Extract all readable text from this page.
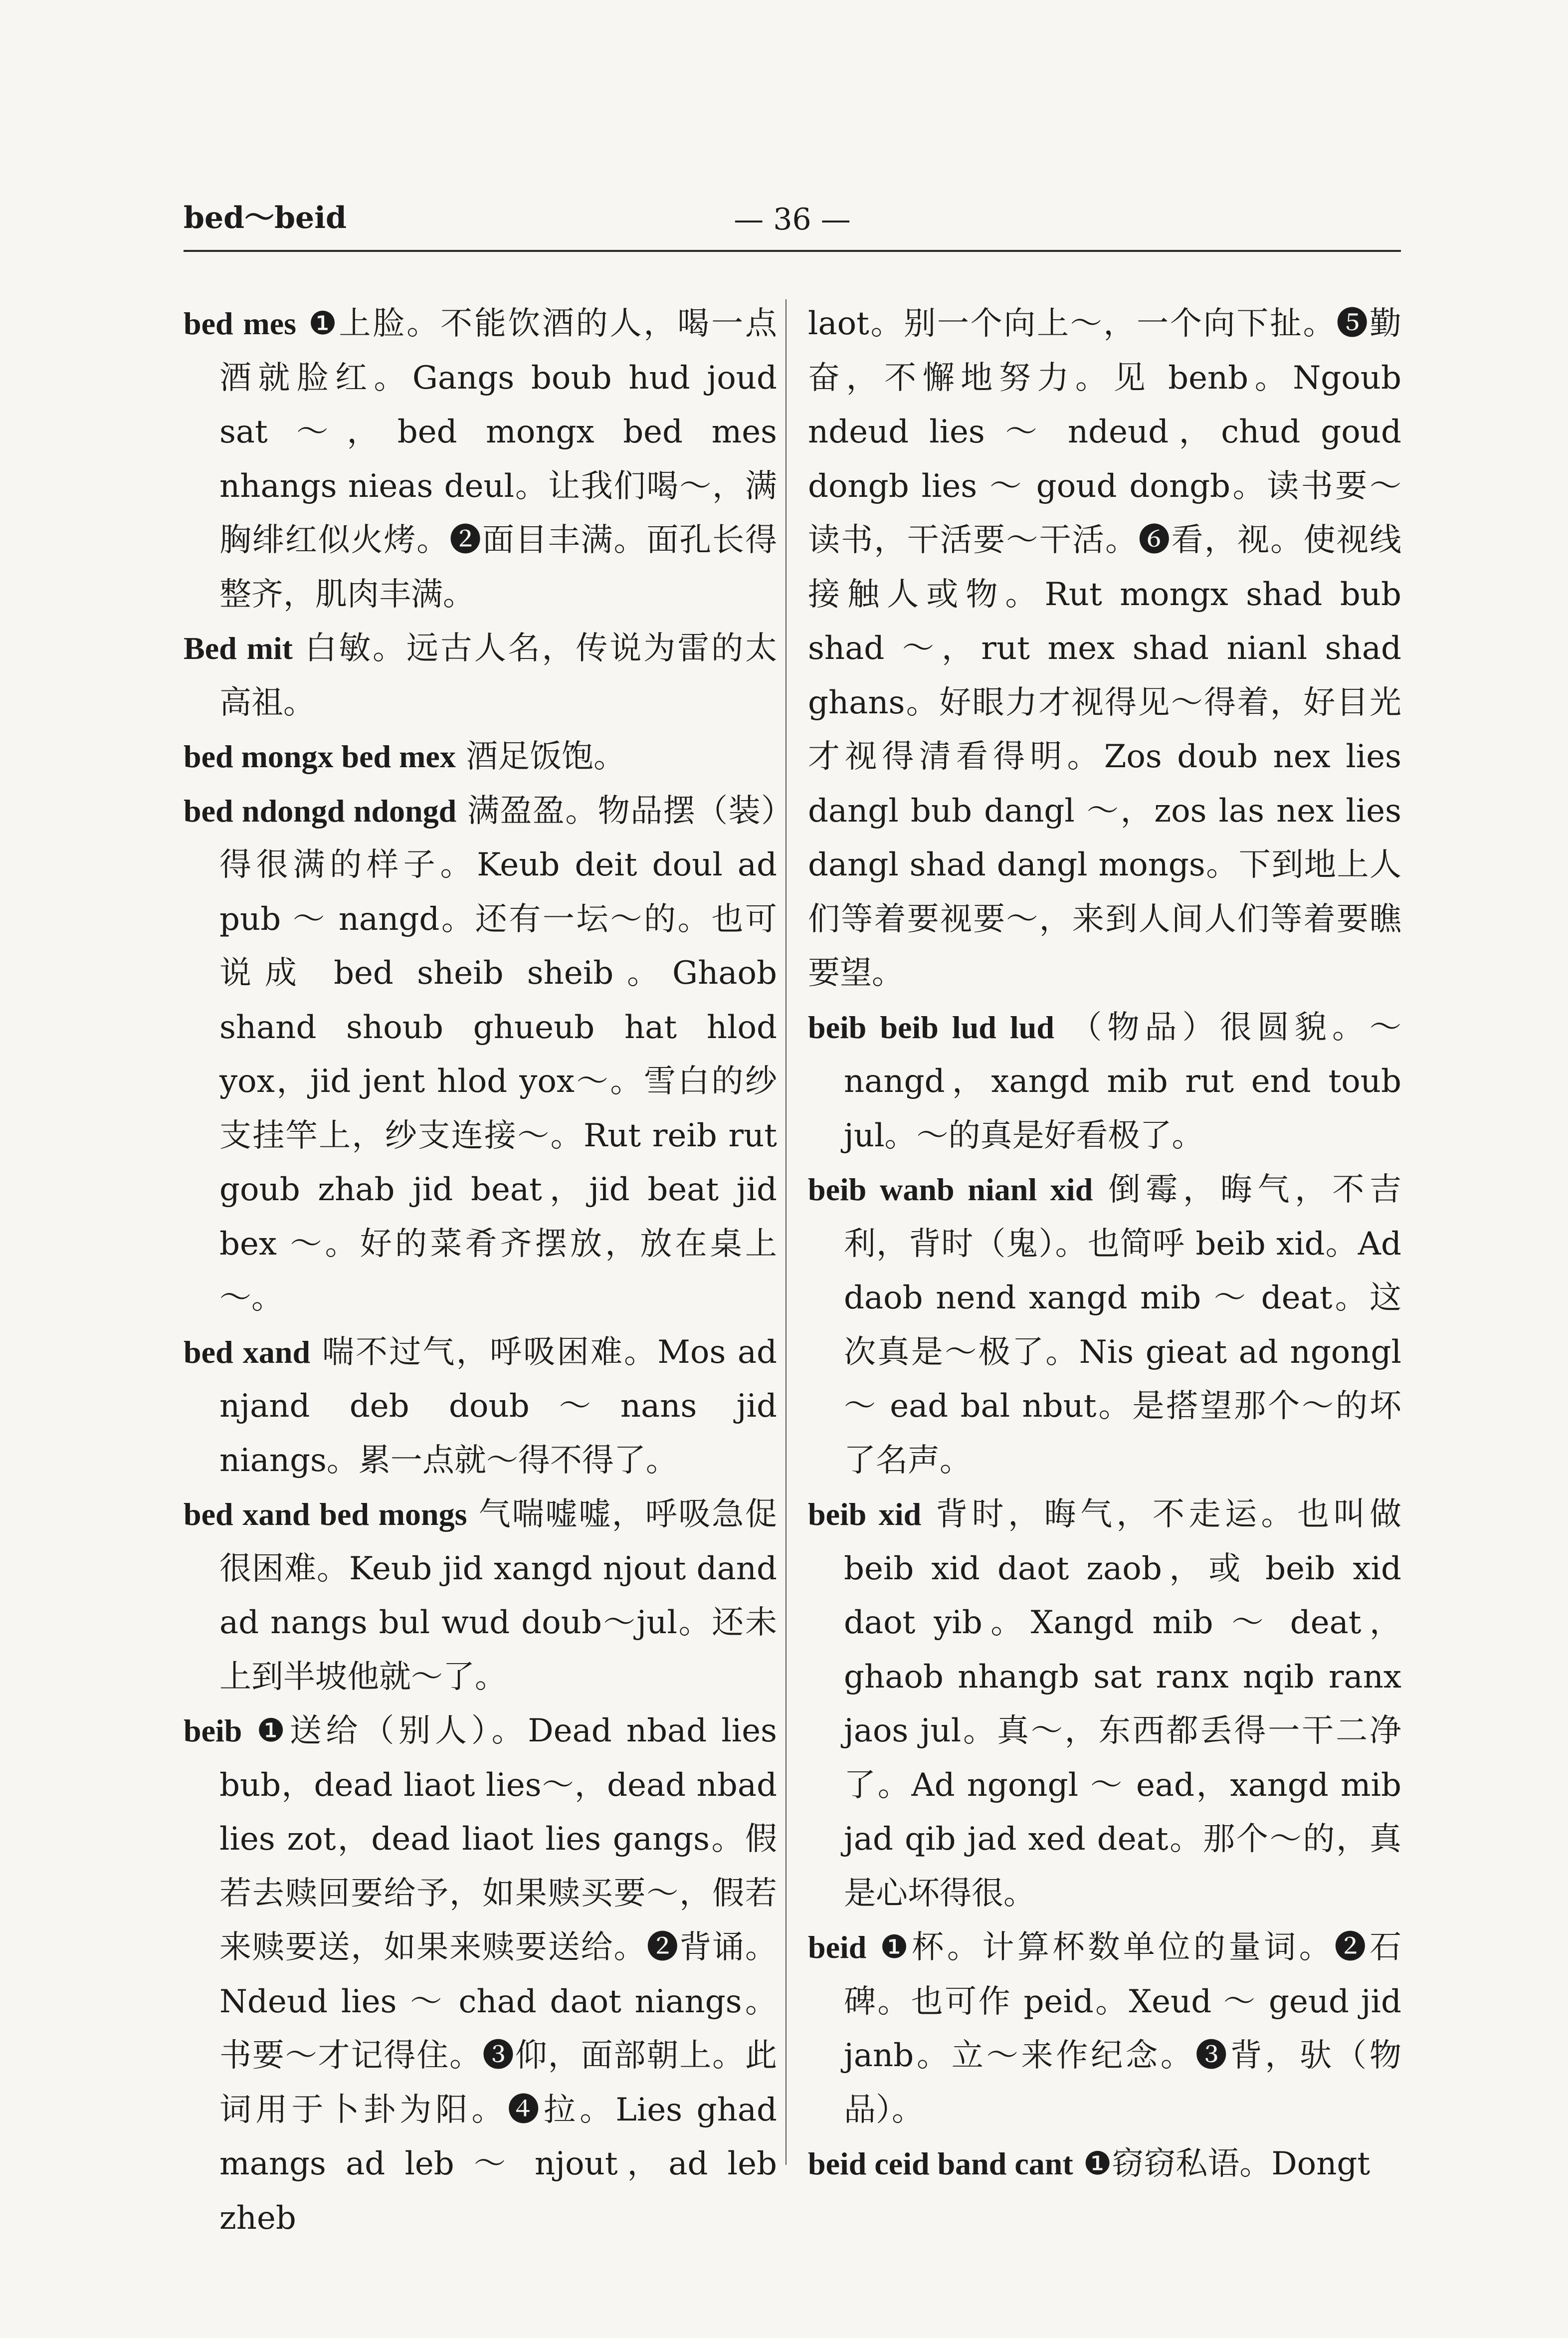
bed～beid	— 36 —
bed mes ❶上脸。不能饮酒的人，喝一点酒就脸红。Gangs boub hud joud sat ～，bed mongx bed mes nhangs nieas deul。让我们喝～，满胸绯红似火烤。❷面目丰满。面孔长得整齐，肌肉丰满。
Bed mit 白敏。远古人名，传说为雷的太高祖。
bed mongx bed mex 酒足饭饱。
bed ndongd ndongd 满盈盈。物品摆（装）得很满的样子。Keub deit doul ad pub ～ nangd。还有一坛～的。也可说成 bed sheib sheib。Ghaob shand shoub ghueub hat hlod yox，jid jent hlod yox～。雪白的纱支挂竿上，纱支连接～。Rut reib rut goub zhab jid beat，jid beat jid bex ～。好的菜肴齐摆放，放在桌上～。
bed xand 喘不过气，呼吸困难。Mos ad njand deb doub～nans jid niangs。累一点就～得不得了。
bed xand bed mongs 气喘嘘嘘，呼吸急促很困难。Keub jid xangd njout dand ad nangs bul wud doub～jul。还未上到半坡他就～了。
beib ❶送给（别人）。Dead nbad lies bub，dead liaot lies～，dead nbad lies zot，dead liaot lies gangs。假若去赎回要给予，如果赎买要～，假若来赎要送，如果来赎要送给。❷背诵。Ndeud lies ～ chad daot niangs。书要～才记得住。❸仰，面部朝上。此词用于卜卦为阳。❹拉。Lies ghad mangs ad leb ～ njout，ad leb zheb
laot。别一个向上～，一个向下扯。❺勤奋，不懈地努力。见 benb。Ngoub ndeud lies ～ ndeud，chud goud dongb lies ～ goud dongb。读书要～读书，干活要～干活。❻看，视。使视线接触人或物。Rut mongx shad bub shad ～，rut mex shad nianl shad ghans。好眼力才视得见～得着，好目光才视得清看得明。Zos doub nex lies dangl bub dangl ～，zos las nex lies dangl shad dangl mongs。下到地上人们等着要视要～，来到人间人们等着要瞧要望。
beib beib lud lud （物品）很圆貌。～nangd，xangd mib rut end toub jul。～的真是好看极了。
beib wanb nianl xid 倒霉，晦气，不吉利，背时（鬼）。也简呼 beib xid。Ad daob nend xangd mib ～ deat。这次真是～极了。Nis gieat ad ngongl ～ ead bal nbut。是搭望那个～的坏了名声。
beib xid 背时，晦气，不走运。也叫做 beib xid daot zaob，或 beib xid daot yib。Xangd mib ～ deat，ghaob nhangb sat ranx nqib ranx jaos jul。真～，东西都丢得一干二净了。Ad ngongl ～ ead，xangd mib jad qib jad xed deat。那个～的，真是心坏得很。
beid ❶杯。计算杯数单位的量词。❷石碑。也可作 peid。Xeud ～ geud jid janb。立～来作纪念。❸背，驮（物品）。
beid ceid band cant ❶窃窃私语。Dongt
